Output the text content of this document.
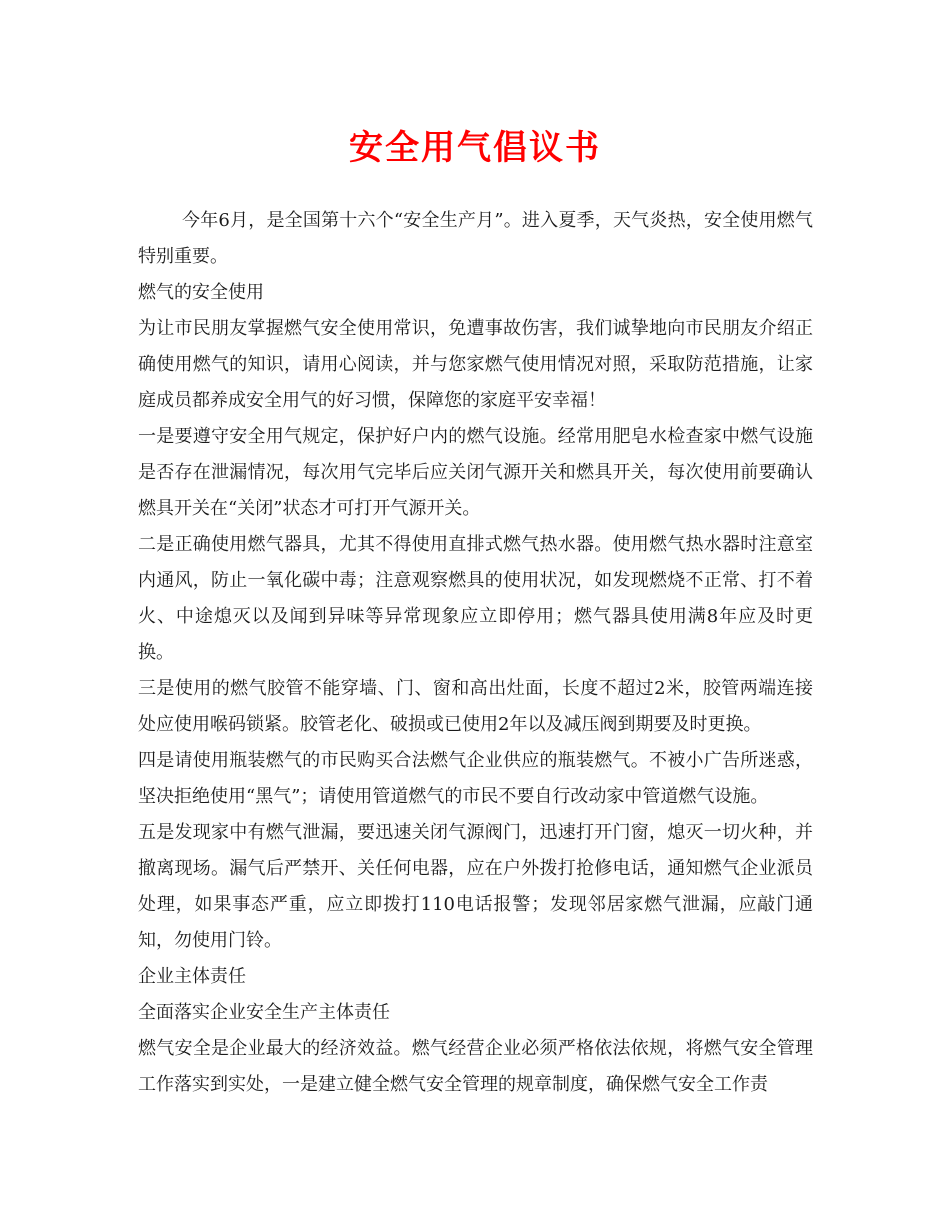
安全用气倡议书

今年6月，是全国第十六个“安全生产月”。进入夏季，天气炎热，安全使用燃气特别重要。

燃气的安全使用

为让市民朋友掌握燃气安全使用常识，免遭事故伤害，我们诚挚地向市民朋友介绍正确使用燃气的知识，请用心阅读，并与您家燃气使用情况对照，采取防范措施，让家庭成员都养成安全用气的好习惯，保障您的家庭平安幸福！

一是要遵守安全用气规定，保护好户内的燃气设施。经常用肥皂水检查家中燃气设施是否存在泄漏情况，每次用气完毕后应关闭气源开关和燃具开关，每次使用前要确认燃具开关在“关闭”状态才可打开气源开关。

二是正确使用燃气器具，尤其不得使用直排式燃气热水器。使用燃气热水器时注意室内通风，防止一氧化碳中毒；注意观察燃具的使用状况，如发现燃烧不正常、打不着火、中途熄灭以及闻到异味等异常现象应立即停用；燃气器具使用满8年应及时更换。

三是使用的燃气胶管不能穿墙、门、窗和高出灶面，长度不超过2米，胶管两端连接处应使用喉码锁紧。胶管老化、破损或已使用2年以及减压阀到期要及时更换。

四是请使用瓶装燃气的市民购买合法燃气企业供应的瓶装燃气。不被小广告所迷惑，坚决拒绝使用“黑气”；请使用管道燃气的市民不要自行改动家中管道燃气设施。

五是发现家中有燃气泄漏，要迅速关闭气源阀门，迅速打开门窗，熄灭一切火种，并撤离现场。漏气后严禁开、关任何电器，应在户外拨打抢修电话，通知燃气企业派员处理，如果事态严重，应立即拨打110电话报警；发现邻居家燃气泄漏，应敲门通知，勿使用门铃。

企业主体责任

全面落实企业安全生产主体责任

燃气安全是企业最大的经济效益。燃气经营企业必须严格依法依规，将燃气安全管理工作落实到实处，一是建立健全燃气安全管理的规章制度，确保燃气安全工作责
